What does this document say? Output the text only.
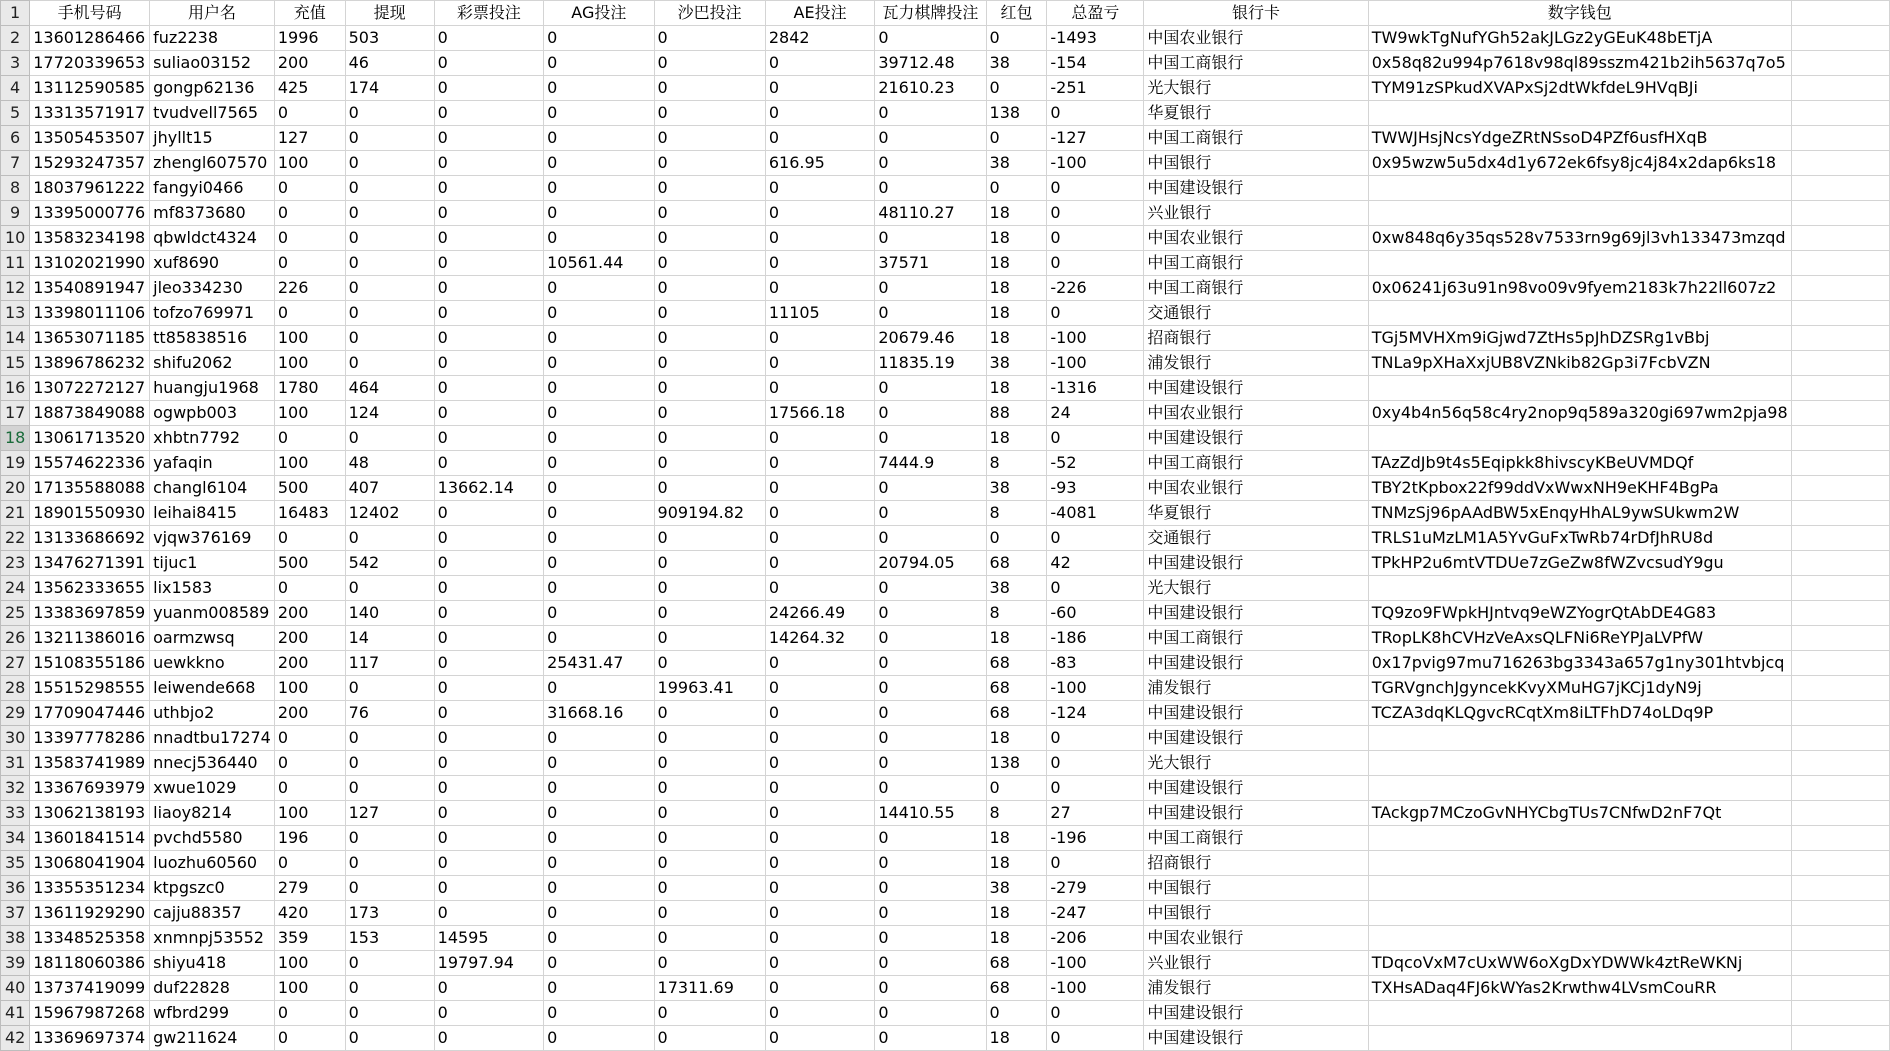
1	手机号码	用户名	充值	提现	彩票投注	AG投注	沙巴投注	AE投注	瓦力棋牌投注	红包	总盈亏	银行卡	数字钱包	
2	13601286466	fuz2238	1996	503	0	0	0	2842	0	0	-1493	中国农业银行	TW9wkTgNufYGh52akJLGz2yGEuK48bETjA	
3	17720339653	suliao03152	200	46	0	0	0	0	39712.48	38	-154	中国工商银行	0x58q82u994p7618v98ql89sszm421b2ih5637q7o5	
4	13112590585	gongp62136	425	174	0	0	0	0	21610.23	0	-251	光大银行	TYM91zSPkudXVAPxSj2dtWkfdeL9HVqBJi	
5	13313571917	tvudvell7565	0	0	0	0	0	0	0	138	0	华夏银行		
6	13505453507	jhyllt15	127	0	0	0	0	0	0	0	-127	中国工商银行	TWWJHsjNcsYdgeZRtNSsoD4PZf6usfHXqB	
7	15293247357	zhengl607570	100	0	0	0	0	616.95	0	38	-100	中国银行	0x95wzw5u5dx4d1y672ek6fsy8jc4j84x2dap6ks18	
8	18037961222	fangyi0466	0	0	0	0	0	0	0	0	0	中国建设银行		
9	13395000776	mf8373680	0	0	0	0	0	0	48110.27	18	0	兴业银行		
10	13583234198	qbwldct4324	0	0	0	0	0	0	0	18	0	中国农业银行	0xw848q6y35qs528v7533rn9g69jl3vh133473mzqd	
11	13102021990	xuf8690	0	0	0	10561.44	0	0	37571	18	0	中国工商银行		
12	13540891947	jleo334230	226	0	0	0	0	0	0	18	-226	中国工商银行	0x06241j63u91n98vo09v9fyem2183k7h22ll607z2	
13	13398011106	tofzo769971	0	0	0	0	0	11105	0	18	0	交通银行		
14	13653071185	tt85838516	100	0	0	0	0	0	20679.46	18	-100	招商银行	TGj5MVHXm9iGjwd7ZtHs5pJhDZSRg1vBbj	
15	13896786232	shifu2062	100	0	0	0	0	0	11835.19	38	-100	浦发银行	TNLa9pXHaXxjUB8VZNkib82Gp3i7FcbVZN	
16	13072272127	huangju1968	1780	464	0	0	0	0	0	18	-1316	中国建设银行		
17	18873849088	ogwpb003	100	124	0	0	0	17566.18	0	88	24	中国农业银行	0xy4b4n56q58c4ry2nop9q589a320gi697wm2pja98	
18	13061713520	xhbtn7792	0	0	0	0	0	0	0	18	0	中国建设银行		
19	15574622336	yafaqin	100	48	0	0	0	0	7444.9	8	-52	中国工商银行	TAzZdJb9t4s5Eqipkk8hivscyKBeUVMDQf	
20	17135588088	changl6104	500	407	13662.14	0	0	0	0	38	-93	中国农业银行	TBY2tKpbox22f99ddVxWwxNH9eKHF4BgPa	
21	18901550930	leihai8415	16483	12402	0	0	909194.82	0	0	8	-4081	华夏银行	TNMzSj96pAAdBW5xEnqyHhAL9ywSUkwm2W	
22	13133686692	vjqw376169	0	0	0	0	0	0	0	0	0	交通银行	TRLS1uMzLM1A5YvGuFxTwRb74rDfJhRU8d	
23	13476271391	tijuc1	500	542	0	0	0	0	20794.05	68	42	中国建设银行	TPkHP2u6mtVTDUe7zGeZw8fWZvcsudY9gu	
24	13562333655	lix1583	0	0	0	0	0	0	0	38	0	光大银行		
25	13383697859	yuanm008589	200	140	0	0	0	24266.49	0	8	-60	中国建设银行	TQ9zo9FWpkHJntvq9eWZYogrQtAbDE4G83	
26	13211386016	oarmzwsq	200	14	0	0	0	14264.32	0	18	-186	中国工商银行	TRopLK8hCVHzVeAxsQLFNi6ReYPJaLVPfW	
27	15108355186	uewkkno	200	117	0	25431.47	0	0	0	68	-83	中国建设银行	0x17pvig97mu716263bg3343a657g1ny301htvbjcq	
28	15515298555	leiwende668	100	0	0	0	19963.41	0	0	68	-100	浦发银行	TGRVgnchJgyncekKvyXMuHG7jKCj1dyN9j	
29	17709047446	uthbjo2	200	76	0	31668.16	0	0	0	68	-124	中国建设银行	TCZA3dqKLQgvcRCqtXm8iLTFhD74oLDq9P	
30	13397778286	nnadtbu17274	0	0	0	0	0	0	0	18	0	中国建设银行		
31	13583741989	nnecj536440	0	0	0	0	0	0	0	138	0	光大银行		
32	13367693979	xwue1029	0	0	0	0	0	0	0	0	0	中国建设银行		
33	13062138193	liaoy8214	100	127	0	0	0	0	14410.55	8	27	中国建设银行	TAckgp7MCzoGvNHYCbgTUs7CNfwD2nF7Qt	
34	13601841514	pvchd5580	196	0	0	0	0	0	0	18	-196	中国工商银行		
35	13068041904	luozhu60560	0	0	0	0	0	0	0	18	0	招商银行		
36	13355351234	ktpgszc0	279	0	0	0	0	0	0	38	-279	中国银行		
37	13611929290	cajju88357	420	173	0	0	0	0	0	18	-247	中国银行		
38	13348525358	xnmnpj53552	359	153	14595	0	0	0	0	18	-206	中国农业银行		
39	18118060386	shiyu418	100	0	19797.94	0	0	0	0	68	-100	兴业银行	TDqcoVxM7cUxWW6oXgDxYDWWk4ztReWKNj	
40	13737419099	duf22828	100	0	0	0	17311.69	0	0	68	-100	浦发银行	TXHsADaq4FJ6kWYas2Krwthw4LVsmCouRR	
41	15967987268	wfbrd299	0	0	0	0	0	0	0	0	0	中国建设银行		
42	13369697374	gw211624	0	0	0	0	0	0	0	18	0	中国建设银行		
